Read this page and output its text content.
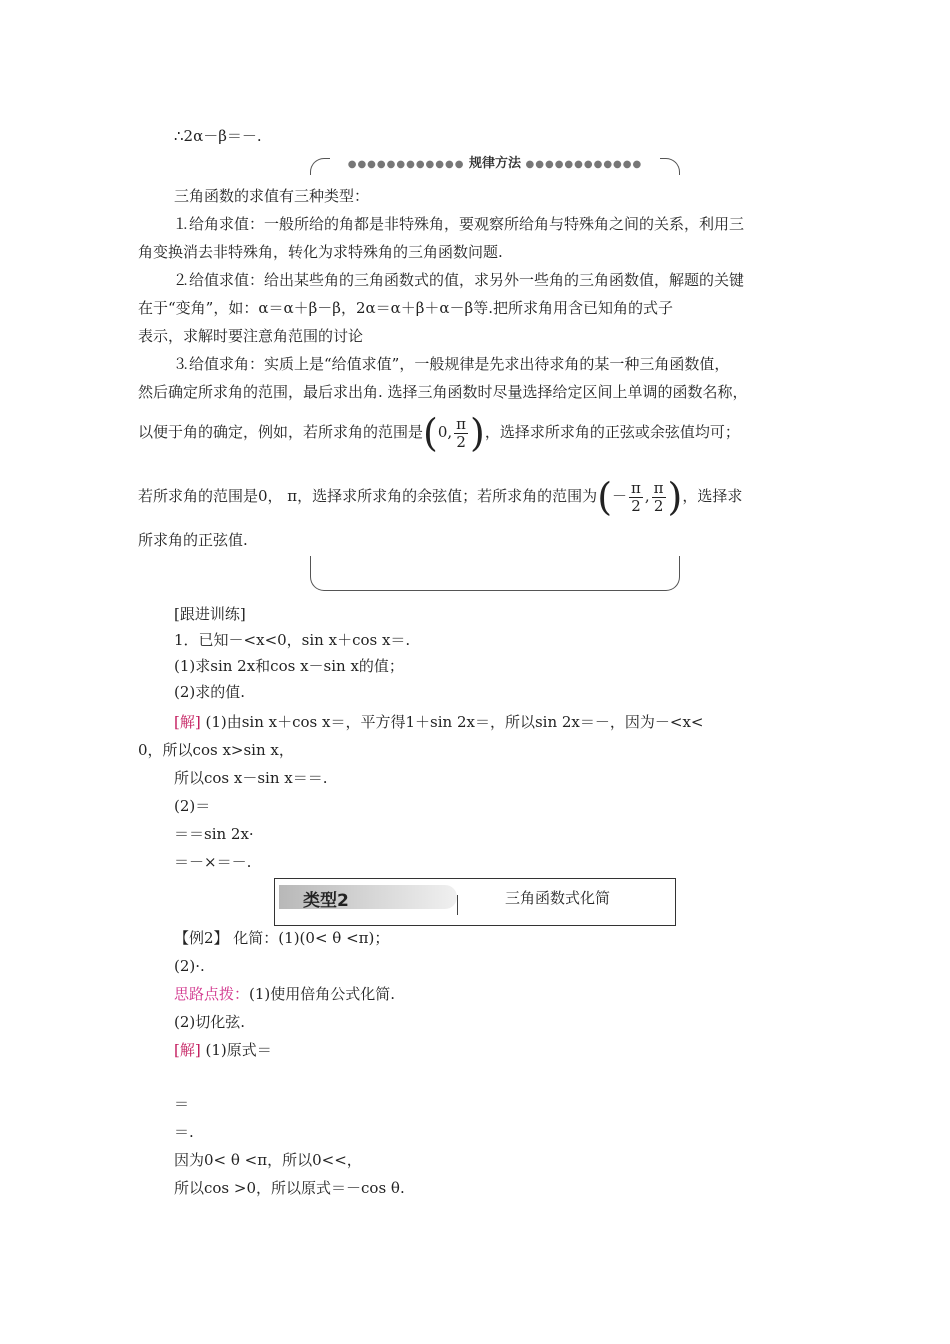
∴2α－β＝－.
●●●●●●●●●●●● 规律方法 ●●●●●●●●●●●●
三角函数的求值有三种类型：
⒈给角求值：一般所给的角都是非特殊角，要观察所给角与特殊角之间的关系，利用三
角变换消去非特殊角，转化为求特殊角的三角函数问题.
⒉给值求值：给出某些角的三角函数式的值，求另外一些角的三角函数值，解题的关键
在于“变角”，如：α＝α＋β－β，2α＝α＋β＋α－β等.把所求角用含已知角的式子
表示，求解时要注意角范围的讨论
⒊给值求角：实质上是“给值求值”，一般规律是先求出待求角的某一种三角函数值，
然后确定所求角的范围，最后求出角. 选择三角函数时尽量选择给定区间上单调的函数名称，
以便于角的确定，例如，若所求角的范围是(0, $\frac{\pi}{2}$ )，选择求所求角的正弦或余弦值均可；
若所求角的范围是0， π，选择求所求角的余弦值；若所求角的范围为(－ $\frac{\pi}{2}$ , $\frac{\pi}{2}$ )，选择求
所求角的正弦值.
[跟进训练]
1．已知－<x<0，sin x＋cos x＝.
(1)求sin 2x和cos x－sin x的值；
(2)求的值.
[解] (1)由sin x＋cos x＝，平方得1＋sin 2x＝，所以sin 2x＝－，因为－<x<
0，所以cos x>sin x，
所以cos x－sin x＝＝.
(2)＝
＝＝sin 2x·
＝－×＝－.
类型2	三角函数式化简
【例2】 化简：(1)(0< θ <π)；
(2)·.
思路点拨：(1)使用倍角公式化简.
(2)切化弦.
[解] (1)原式＝
＝
＝.
因为0< θ <π，所以0<<，
所以cos >0，所以原式＝－cos θ.
